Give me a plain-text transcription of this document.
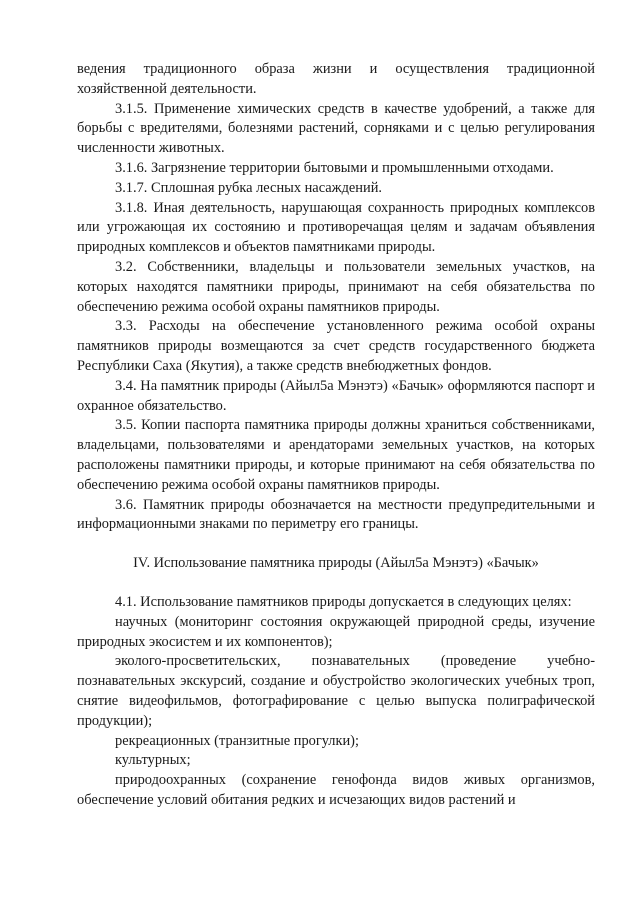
ведения традиционного образа жизни и осуществления традиционной хозяйственной деятельности.

3.1.5. Применение химических средств в качестве удобрений, а также для борьбы с вредителями, болезнями растений, сорняками и с целью регулирования численности животных.

3.1.6. Загрязнение территории бытовыми и промышленными отходами.

3.1.7. Сплошная рубка лесных насаждений.

3.1.8. Иная деятельность, нарушающая сохранность природных комплексов или угрожающая их состоянию и противоречащая целям и задачам объявления природных комплексов и объектов памятниками природы.

3.2. Собственники, владельцы и пользователи земельных участков, на которых находятся памятники природы, принимают на себя обязательства по обеспечению режима особой охраны памятников природы.

3.3. Расходы на обеспечение установленного режима особой охраны памятников природы возмещаются за счет средств государственного бюджета Республики Саха (Якутия), а также средств внебюджетных фондов.

3.4. На памятник природы (Айыл5а Мэнэтэ) «Бачык» оформляются паспорт и охранное обязательство.

3.5. Копии паспорта памятника природы должны храниться собственниками, владельцами, пользователями и арендаторами земельных участков, на которых расположены памятники природы, и которые принимают на себя обязательства по обеспечению режима особой охраны памятников природы.

3.6. Памятник природы обозначается на местности предупредительными и информационными знаками по периметру его границы.

IV. Использование памятника природы (Айыл5а Мэнэтэ) «Бачык»

4.1. Использование памятников природы допускается в следующих целях:

научных (мониторинг состояния окружающей природной среды, изучение природных экосистем и их компонентов);

эколого-просветительских, познавательных (проведение учебно-познавательных экскурсий, создание и обустройство экологических учебных троп, снятие видеофильмов, фотографирование с целью выпуска полиграфической продукции);

рекреационных (транзитные прогулки);

культурных;

природоохранных (сохранение генофонда видов живых организмов, обеспечение условий обитания редких и исчезающих видов растений и
